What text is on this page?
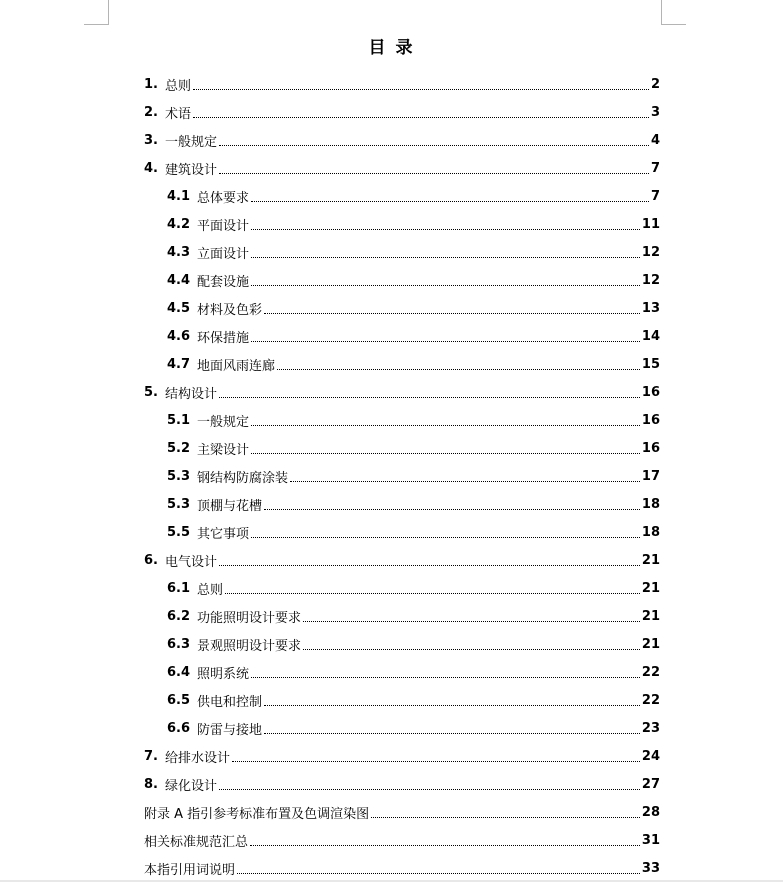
目 录
1. 总则	2
2. 术语	3
3. 一般规定	4
4. 建筑设计	7
4.1 总体要求	7
4.2 平面设计	11
4.3 立面设计	12
4.4 配套设施	12
4.5 材料及色彩	13
4.6 环保措施	14
4.7 地面风雨连廊	15
5. 结构设计	16
5.1 一般规定	16
5.2 主梁设计	16
5.3 钢结构防腐涂装	17
5.3 顶棚与花槽	18
5.5 其它事项	18
6. 电气设计	21
6.1 总则	21
6.2 功能照明设计要求	21
6.3 景观照明设计要求	21
6.4 照明系统	22
6.5 供电和控制	22
6.6 防雷与接地	23
7. 给排水设计	24
8. 绿化设计	27
附录 A 指引参考标准布置及色调渲染图	28
相关标准规范汇总	31
本指引用词说明	33
